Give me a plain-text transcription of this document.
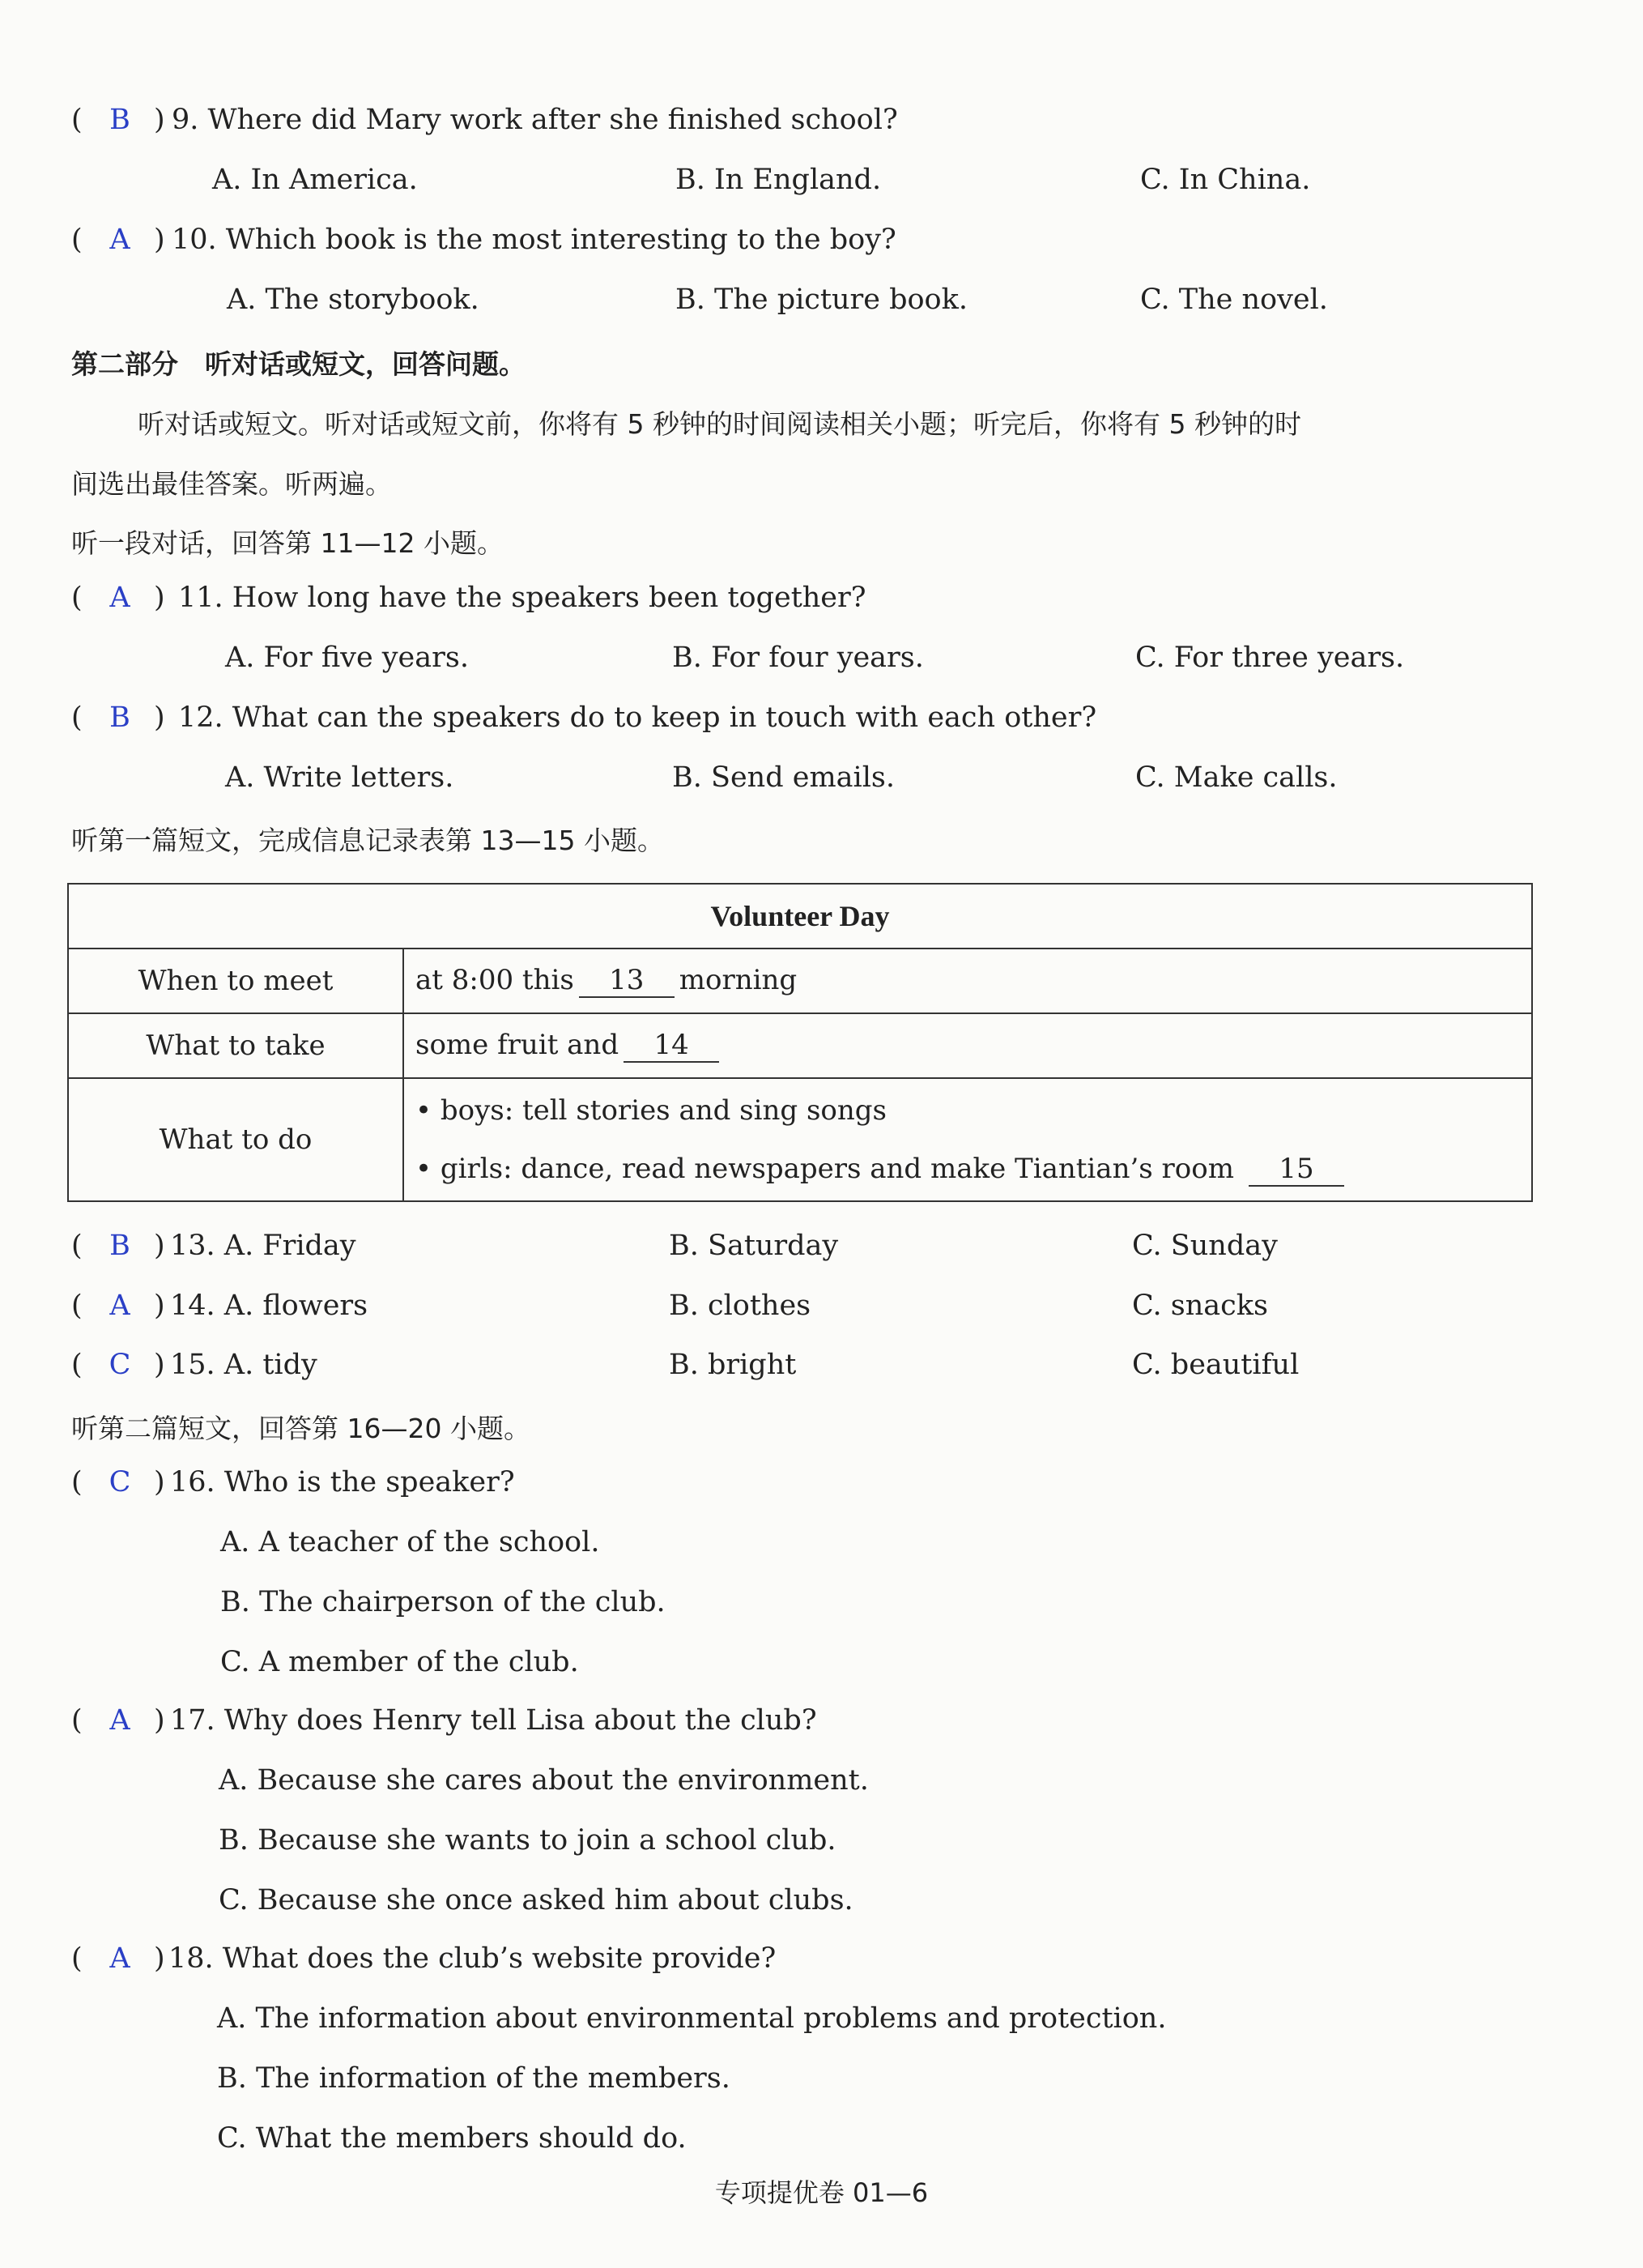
( B ) 9. Where did Mary work after she finished school?
A. In America.	B. In England.	C. In China.
( A ) 10. Which book is the most interesting to the boy?
A. The storybook.	B. The picture book.	C. The novel.
第二部分　听对话或短文，回答问题。
听对话或短文。听对话或短文前，你将有 5 秒钟的时间阅读相关小题；听完后，你将有 5 秒钟的时
间选出最佳答案。听两遍。
听一段对话，回答第 11—12 小题。
( A ) 11. How long have the speakers been together?
A. For five years.	B. For four years.	C. For three years.
( B ) 12. What can the speakers do to keep in touch with each other?
A. Write letters.	B. Send emails.	C. Make calls.
听第一篇短文，完成信息记录表第 13—15 小题。
Volunteer Day	
When to meet	at 8:00 this 13 morning
What to take	some fruit and 14
What to do	• boys: tell stories and sing songs
• girls: dance, read newspapers and make Tiantian’s room 15
( B ) 13. A. Friday	B. Saturday	C. Sunday
( A ) 14. A. flowers	B. clothes	C. snacks
( C ) 15. A. tidy	B. bright	C. beautiful
听第二篇短文，回答第 16—20 小题。
( C ) 16. Who is the speaker?
A. A teacher of the school.
B. The chairperson of the club.
C. A member of the club.
( A ) 17. Why does Henry tell Lisa about the club?
A. Because she cares about the environment.
B. Because she wants to join a school club.
C. Because she once asked him about clubs.
( A ) 18. What does the club’s website provide?
A. The information about environmental problems and protection.
B. The information of the members.
C. What the members should do.
专项提优卷 01—6
